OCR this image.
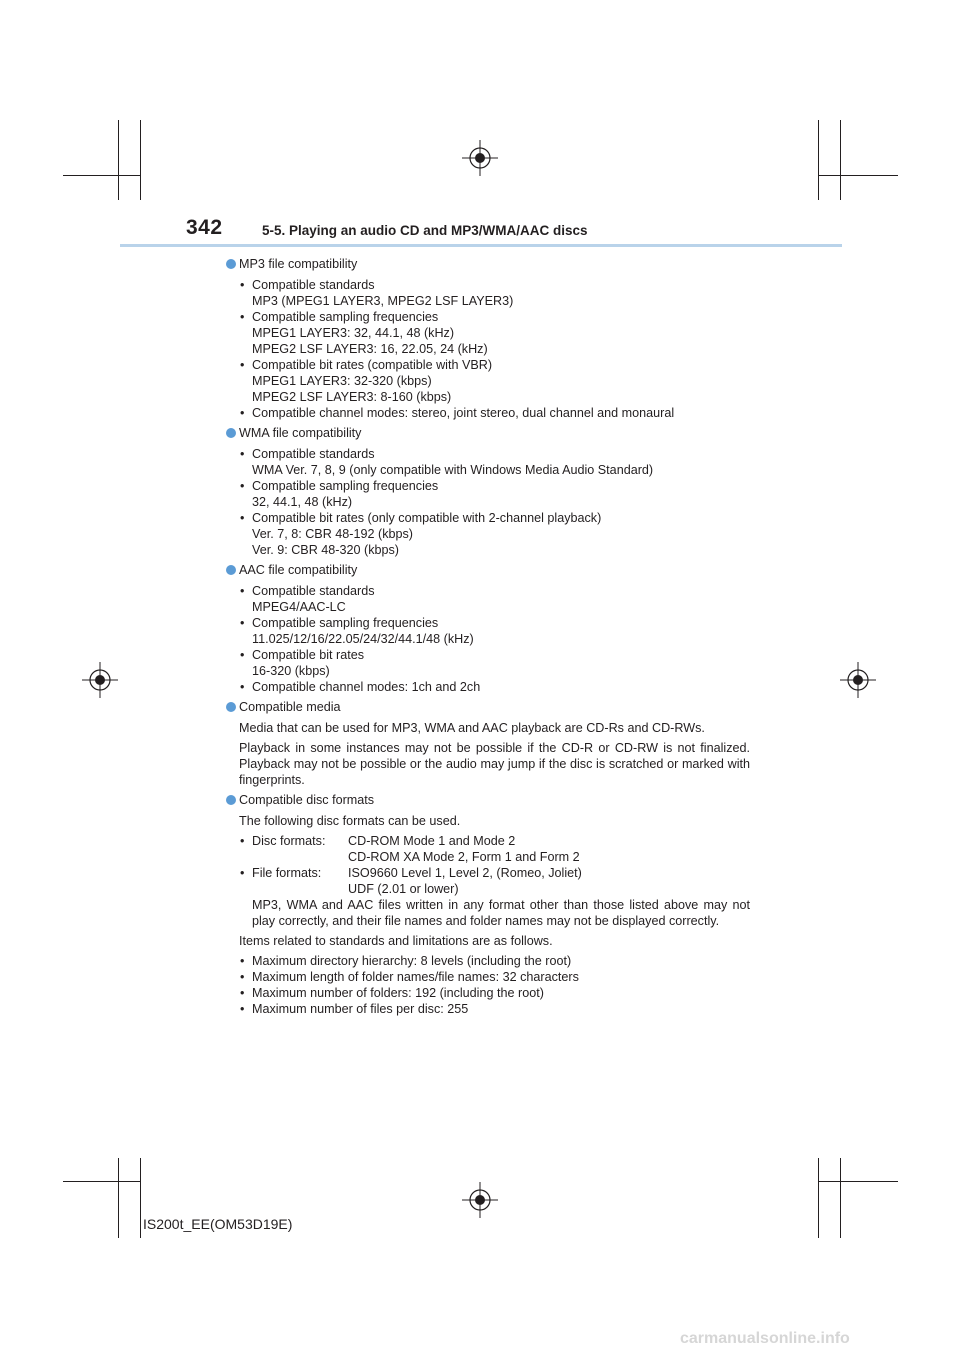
342	5-5. Playing an audio CD and MP3/WMA/AAC discs
MP3 file compatibility
• Compatible standards
MP3 (MPEG1 LAYER3, MPEG2 LSF LAYER3)
• Compatible sampling frequencies
MPEG1 LAYER3: 32, 44.1, 48 (kHz)
MPEG2 LSF LAYER3: 16, 22.05, 24 (kHz)
• Compatible bit rates (compatible with VBR)
MPEG1 LAYER3: 32-320 (kbps)
MPEG2 LSF LAYER3: 8-160 (kbps)
• Compatible channel modes: stereo, joint stereo, dual channel and monaural
WMA file compatibility
• Compatible standards
WMA Ver. 7, 8, 9 (only compatible with Windows Media Audio Standard)
• Compatible sampling frequencies
32, 44.1, 48 (kHz)
• Compatible bit rates (only compatible with 2-channel playback)
Ver. 7, 8: CBR 48-192 (kbps)
Ver. 9: CBR 48-320 (kbps)
AAC file compatibility
• Compatible standards
MPEG4/AAC-LC
• Compatible sampling frequencies
11.025/12/16/22.05/24/32/44.1/48 (kHz)
• Compatible bit rates
16-320 (kbps)
• Compatible channel modes: 1ch and 2ch
Compatible media
Media that can be used for MP3, WMA and AAC playback are CD-Rs and CD-RWs.
Playback in some instances may not be possible if the CD-R or CD-RW is not finalized. Playback may not be possible or the audio may jump if the disc is scratched or marked with fingerprints.
Compatible disc formats
The following disc formats can be used.
• Disc formats:	CD-ROM Mode 1 and Mode 2
CD-ROM XA Mode 2, Form 1 and Form 2
• File formats:	ISO9660 Level 1, Level 2, (Romeo, Joliet)
UDF (2.01 or lower)
MP3, WMA and AAC files written in any format other than those listed above may not play correctly, and their file names and folder names may not be displayed correctly.
Items related to standards and limitations are as follows.
• Maximum directory hierarchy: 8 levels (including the root)
• Maximum length of folder names/file names: 32 characters
• Maximum number of folders: 192 (including the root)
• Maximum number of files per disc: 255
IS200t_EE(OM53D19E)
carmanualsonline.info
